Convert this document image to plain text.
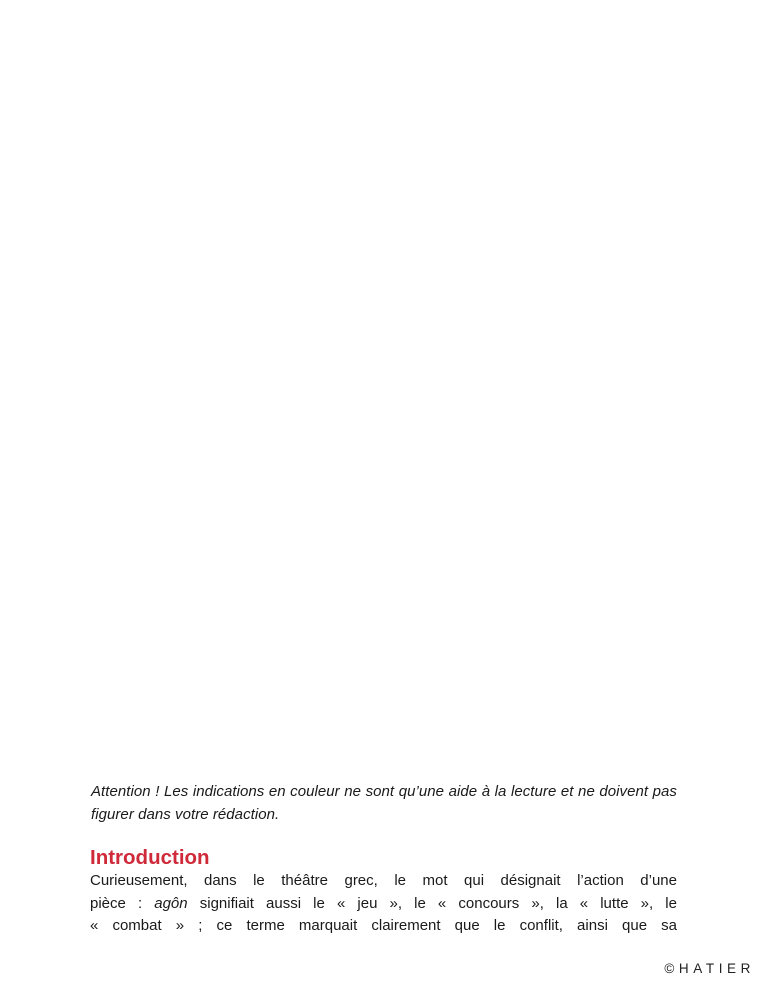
Attention ! Les indications en couleur ne sont qu’une aide à la lecture et ne doivent pas figurer dans votre rédaction.

Introduction

Curieusement, dans le théâtre grec, le mot qui désignait l’action d’une
pièce : agôn signifiait aussi le « jeu », le « concours », la « lutte », le
« combat » ; ce terme marquait clairement que le conflit, ainsi que sa

©HATIER
